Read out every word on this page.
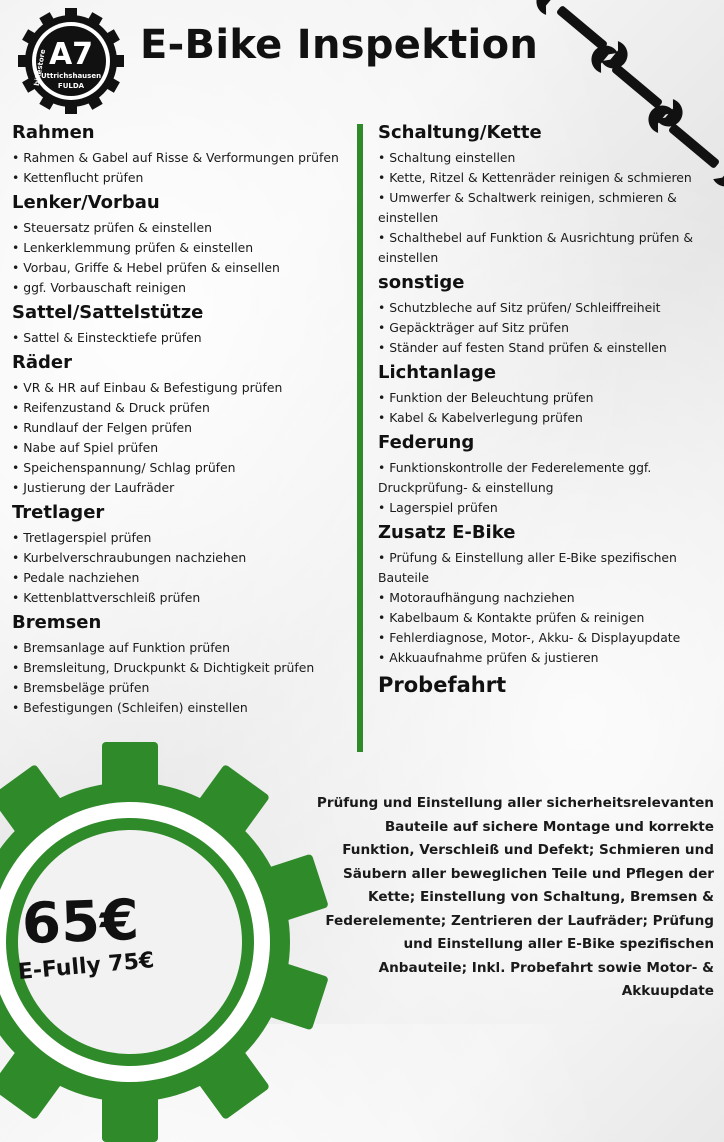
A7
bikestore
Uttrichshausen
FULDA
E-Bike Inspektion
Rahmen
• Rahmen & Gabel auf Risse & Verformungen prüfen
• Kettenflucht prüfen
Lenker/Vorbau
• Steuersatz prüfen & einstellen
• Lenkerklemmung prüfen & einstellen
• Vorbau, Griffe & Hebel prüfen & einsellen
• ggf. Vorbauschaft reinigen
Sattel/Sattelstütze
• Sattel & Einstecktiefe prüfen
Räder
• VR & HR auf Einbau & Befestigung prüfen
• Reifenzustand & Druck prüfen
• Rundlauf der Felgen prüfen
• Nabe auf Spiel prüfen
• Speichenspannung/ Schlag prüfen
• Justierung der Laufräder
Tretlager
• Tretlagerspiel prüfen
• Kurbelverschraubungen nachziehen
• Pedale nachziehen
• Kettenblattverschleiß prüfen
Bremsen
• Bremsanlage auf Funktion prüfen
• Bremsleitung, Druckpunkt & Dichtigkeit prüfen
• Bremsbeläge prüfen
• Befestigungen (Schleifen) einstellen
Schaltung/Kette
• Schaltung einstellen
• Kette, Ritzel & Kettenräder reinigen & schmieren
• Umwerfer & Schaltwerk reinigen, schmieren & einstellen
• Schalthebel auf Funktion & Ausrichtung prüfen & einstellen
sonstige
• Schutzbleche auf Sitz prüfen/ Schleiffreiheit
• Gepäckträger auf Sitz prüfen
• Ständer auf festen Stand prüfen & einstellen
Lichtanlage
• Funktion der Beleuchtung prüfen
• Kabel & Kabelverlegung prüfen
Federung
• Funktionskontrolle der Federelemente ggf. Druckprüfung- & einstellung
• Lagerspiel prüfen
Zusatz E-Bike
• Prüfung & Einstellung aller E-Bike spezifischen Bauteile
• Motoraufhängung nachziehen
• Kabelbaum & Kontakte prüfen & reinigen
• Fehlerdiagnose, Motor-, Akku- & Displayupdate
• Akkuaufnahme prüfen & justieren
Probefahrt

65€

E-Fully 75€

Prüfung und Einstellung aller sicherheitsrelevanten Bauteile auf sichere Montage und korrekte Funktion, Verschleiß und Defekt; Schmieren und Säubern aller beweglichen Teile und Pflegen der Kette; Einstellung von Schaltung, Bremsen & Federelemente; Zentrieren der Laufräder; Prüfung und Einstellung aller E-Bike spezifischen Anbauteile; Inkl. Probefahrt sowie Motor- & Akkuupdate
